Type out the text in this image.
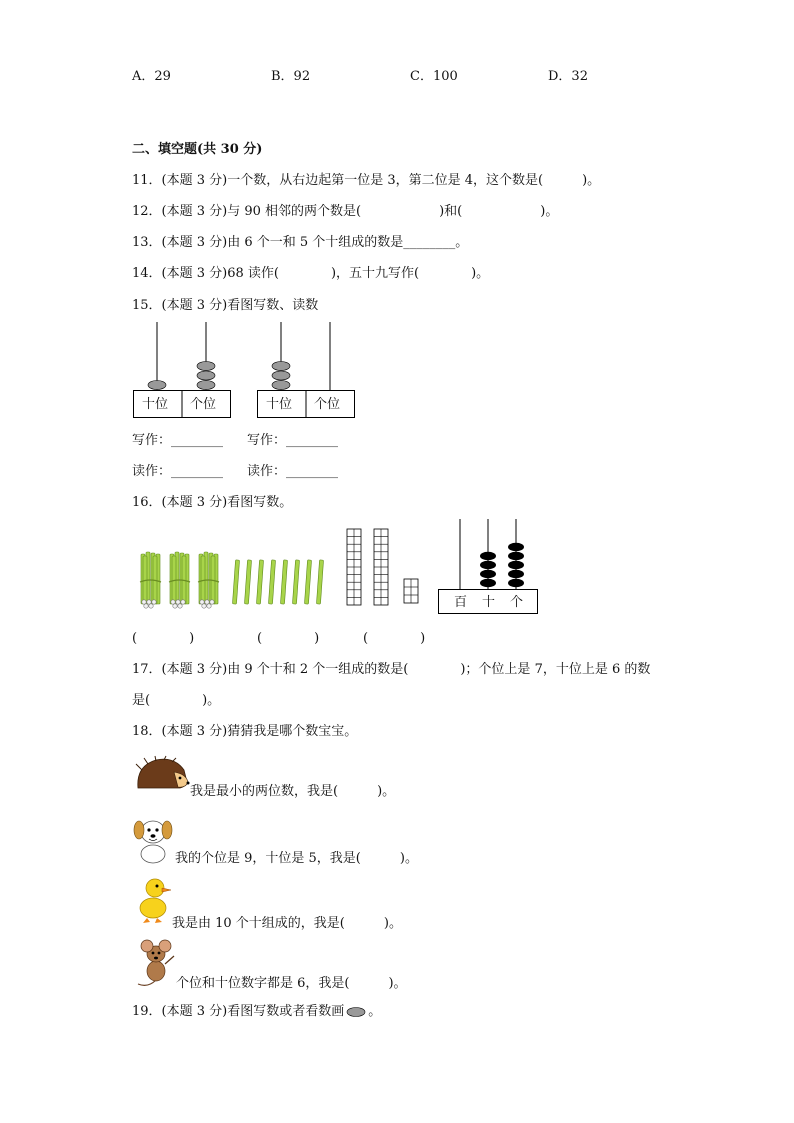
A．29	B．92	C．100	D．32
二、填空题(共 30 分)
11．(本题 3 分)一个数，从右边起第一位是 3，第二位是 4，这个数是(　　　)。
12．(本题 3 分)与 90 相邻的两个数是(　　　　　　)和(　　　　　　)。
13．(本题 3 分)由 6 个一和 5 个十组成的数是________。
14．(本题 3 分)68 读作(　　　　)，五十九写作(　　　　)。
15．(本题 3 分)看图写数、读数
十位 个位	十位 个位
写作：________ 写作：________
读作：________ 读作：________
16．(本题 3 分)看图写数。
百 十 个
(　　　　)	(　　　　)	(　　　　)
17．(本题 3 分)由 9 个十和 2 个一组成的数是(　　　　)；个位上是 7，十位上是 6 的数
是(　　　　)。
18．(本题 3 分)猜猜我是哪个数宝宝。
我是最小的两位数，我是(　　　)。
我的个位是 9，十位是 5，我是(　　　)。
我是由 10 个十组成的，我是(　　　)。
个位和十位数字都是 6，我是(　　　)。
19．(本题 3 分)看图写数或者看数画 。
